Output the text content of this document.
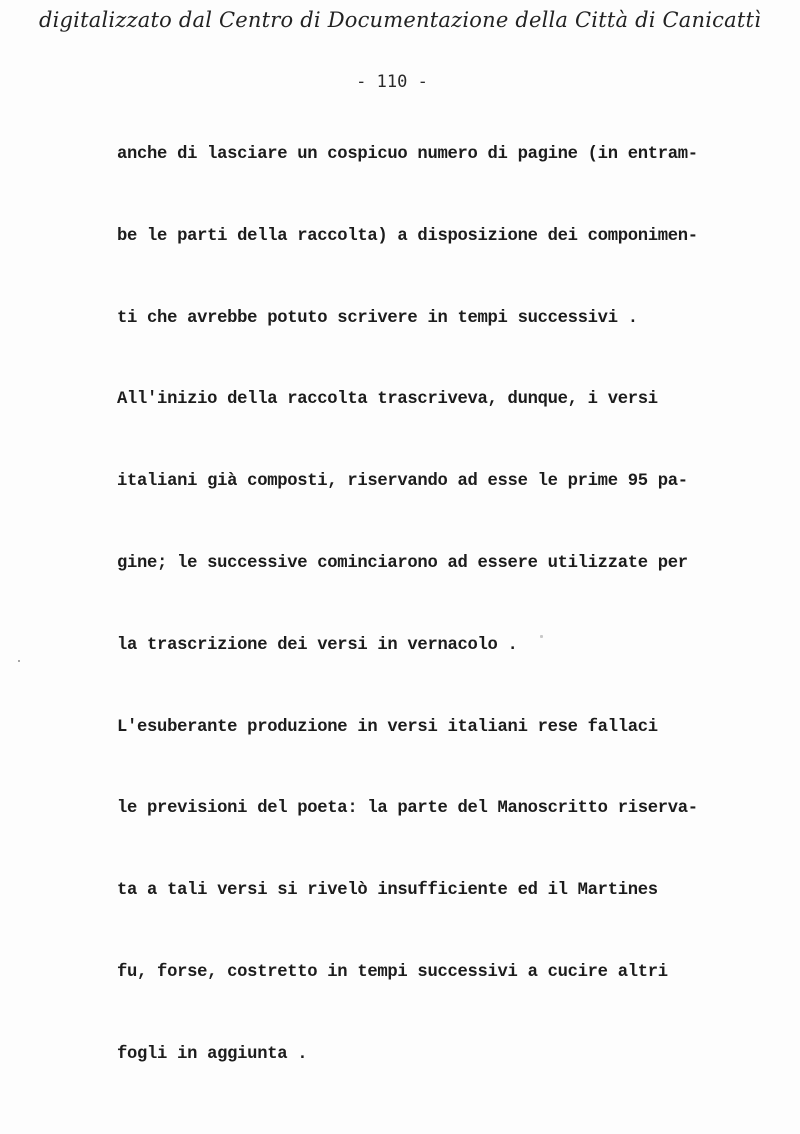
digitalizzato dal Centro di Documentazione della Città di Canicattì
- 110 -
anche di lasciare un cospicuo numero di pagine (in entram-
be le parti della raccolta) a disposizione dei componimen-
ti che avrebbe potuto scrivere in tempi successivi .
All'inizio della raccolta trascriveva, dunque, i versi
italiani già composti, riservando ad esse le prime 95 pa-
gine; le successive cominciarono ad essere utilizzate per
la trascrizione dei versi in vernacolo .
L'esuberante produzione in versi italiani rese fallaci
le previsioni del poeta: la parte del Manoscritto riserva-
ta a tali versi si rivelò insufficiente ed il Martines
fu, forse, costretto in tempi successivi a cucire altri
fogli in aggiunta .
